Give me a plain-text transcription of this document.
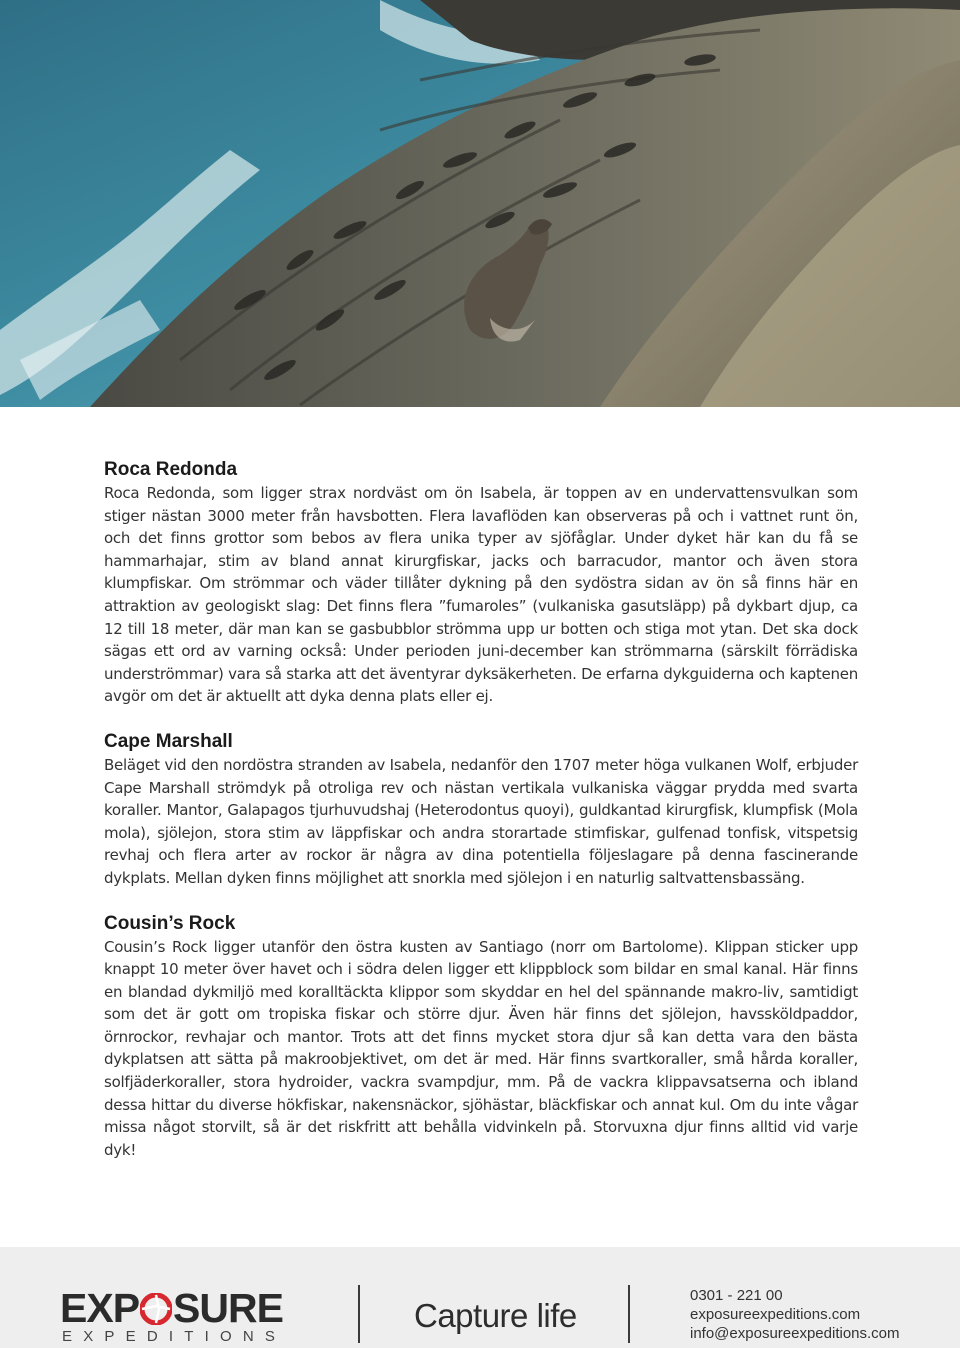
Roca Redonda

Roca Redonda, som ligger strax nordväst om ön Isabela, är toppen av en undervattensvulkan som stiger nästan 3000 meter från havsbotten. Flera lavaflöden kan observeras på och i vattnet runt ön, och det finns grottor som bebos av flera unika typer av sjöfåglar. Under dyket här kan du få se hammarhajar, stim av bland annat kirurgfiskar, jacks och barracudor, mantor och även stora klumpfiskar. Om strömmar och väder tillåter dykning på den sydöstra sidan av ön så finns här en attraktion av geologiskt slag: Det finns flera ”fumaroles” (vulkaniska gasutsläpp) på dykbart djup, ca 12 till 18 meter, där man kan se gasbubblor strömma upp ur botten och stiga mot ytan. Det ska dock sägas ett ord av varning också: Under perioden juni-december kan strömmarna (särskilt förrädiska underströmmar) vara så starka att det äventyrar dyksäkerheten. De erfarna dykguiderna och kaptenen avgör om det är aktuellt att dyka denna plats eller ej.

Cape Marshall

Beläget vid den nordöstra stranden av Isabela, nedanför den 1707 meter höga vulkanen Wolf, erbjuder Cape Marshall strömdyk på otroliga rev och nästan vertikala vulkaniska väggar prydda med svarta koraller. Mantor, Galapagos tjurhuvudshaj (Heterodontus quoyi), guldkantad kirurgfisk, klumpfisk (Mola mola), sjölejon, stora stim av läppfiskar och andra storartade stimfiskar, gulfenad tonfisk, vitspetsig revhaj och flera arter av rockor är några av dina potentiella följeslagare på denna fascinerande dykplats. Mellan dyken finns möjlighet att snorkla med sjölejon i en naturlig saltvattensbassäng.

Cousin’s Rock

Cousin’s Rock ligger utanför den östra kusten av Santiago (norr om Bartolome). Klippan sticker upp knappt 10 meter över havet och i södra delen ligger ett klippblock som bildar en smal kanal. Här finns en blandad dykmiljö med koralltäckta klippor som skyddar en hel del spännande makro-liv, samtidigt som det är gott om tropiska fiskar och större djur. Även här finns det sjölejon, havssköldpaddor, örnrockor, revhajar och mantor. Trots att det finns mycket stora djur så kan detta vara den bästa dykplatsen att sätta på makroobjektivet, om det är med. Här finns svartkoraller, små hårda koraller, solfjäderkoraller, stora hydroider, vackra svampdjur, mm. På de vackra klippavsatserna och ibland dessa hittar du diverse hökfiskar, nakensnäckor, sjöhästar, bläckfiskar och annat kul. Om du inte vågar missa något storvilt, så är det riskfritt att behålla vidvinkeln på. Storvuxna djur finns alltid vid varje dyk!

EXP SURE
EXPEDITIONS
Capture life
0301 - 221 00
exposureexpeditions.com
info@exposureexpeditions.com
